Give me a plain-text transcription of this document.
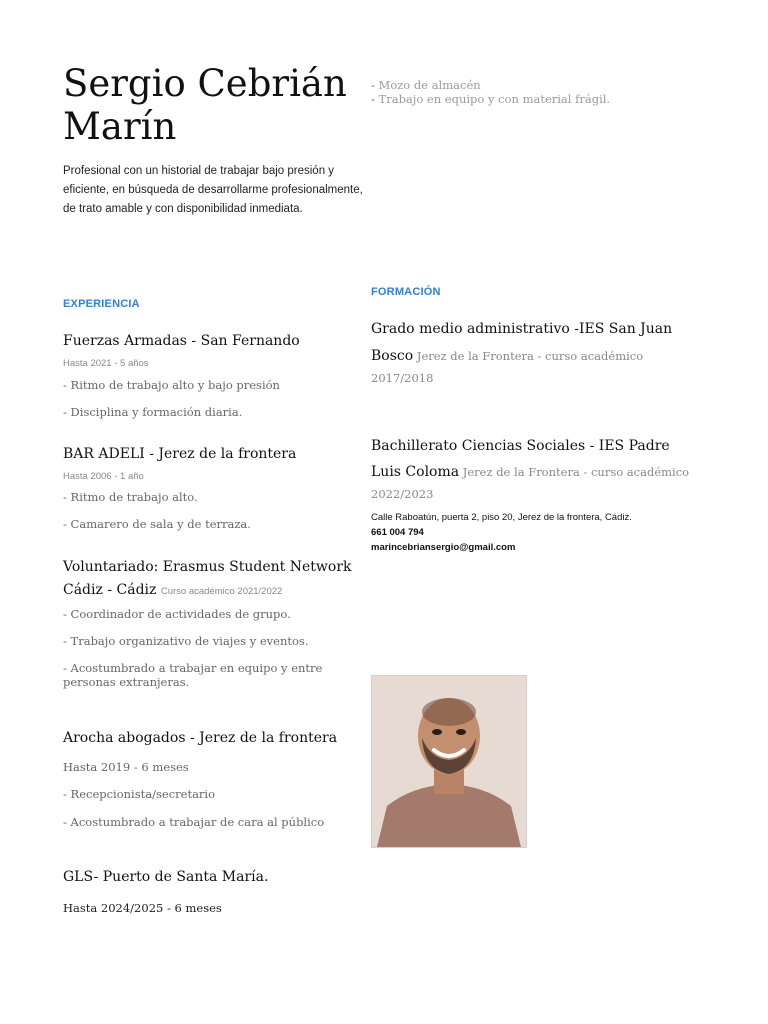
Sergio Cebrián
Marín
Profesional con un historial de trabajar bajo presión y eficiente, en búsqueda de desarrollarme profesionalmente, de trato amable y con disponibilidad inmediata.
- Mozo de almacén
- Trabajo en equipo y con material frágil.
EXPERIENCIA
Fuerzas Armadas - San Fernando
Hasta 2021 - 5 años
- Ritmo de trabajo alto y bajo presión
- Disciplina y formación diaria.
BAR ADELI - Jerez de la frontera
Hasta 2006 - 1 año
- Ritmo de trabajo alto.
- Camarero de sala y de terraza.
Voluntariado: Erasmus Student Network
Cádiz - Cádiz Curso académico 2021/2022
- Coordinador de actividades de grupo.
- Trabajo organizativo de viajes y eventos.
- Acostumbrado a trabajar en equipo y entre personas extranjeras.
Arocha abogados - Jerez de la frontera
Hasta 2019 - 6 meses
- Recepcionista/secretario
- Acostumbrado a trabajar de cara al público
GLS- Puerto de Santa María.
Hasta 2024/2025 - 6 meses
FORMACIÓN
Grado medio administrativo -IES San Juan
Bosco Jerez de la Frontera - curso académico
2017/2018
Bachillerato Ciencias Sociales - IES Padre
Luis Coloma Jerez de la Frontera - curso académico
2022/2023
Calle Raboatún, puerta 2, piso 20, Jerez de la frontera, Cádiz.
661 004 794
marincebriansergio@gmail.com
